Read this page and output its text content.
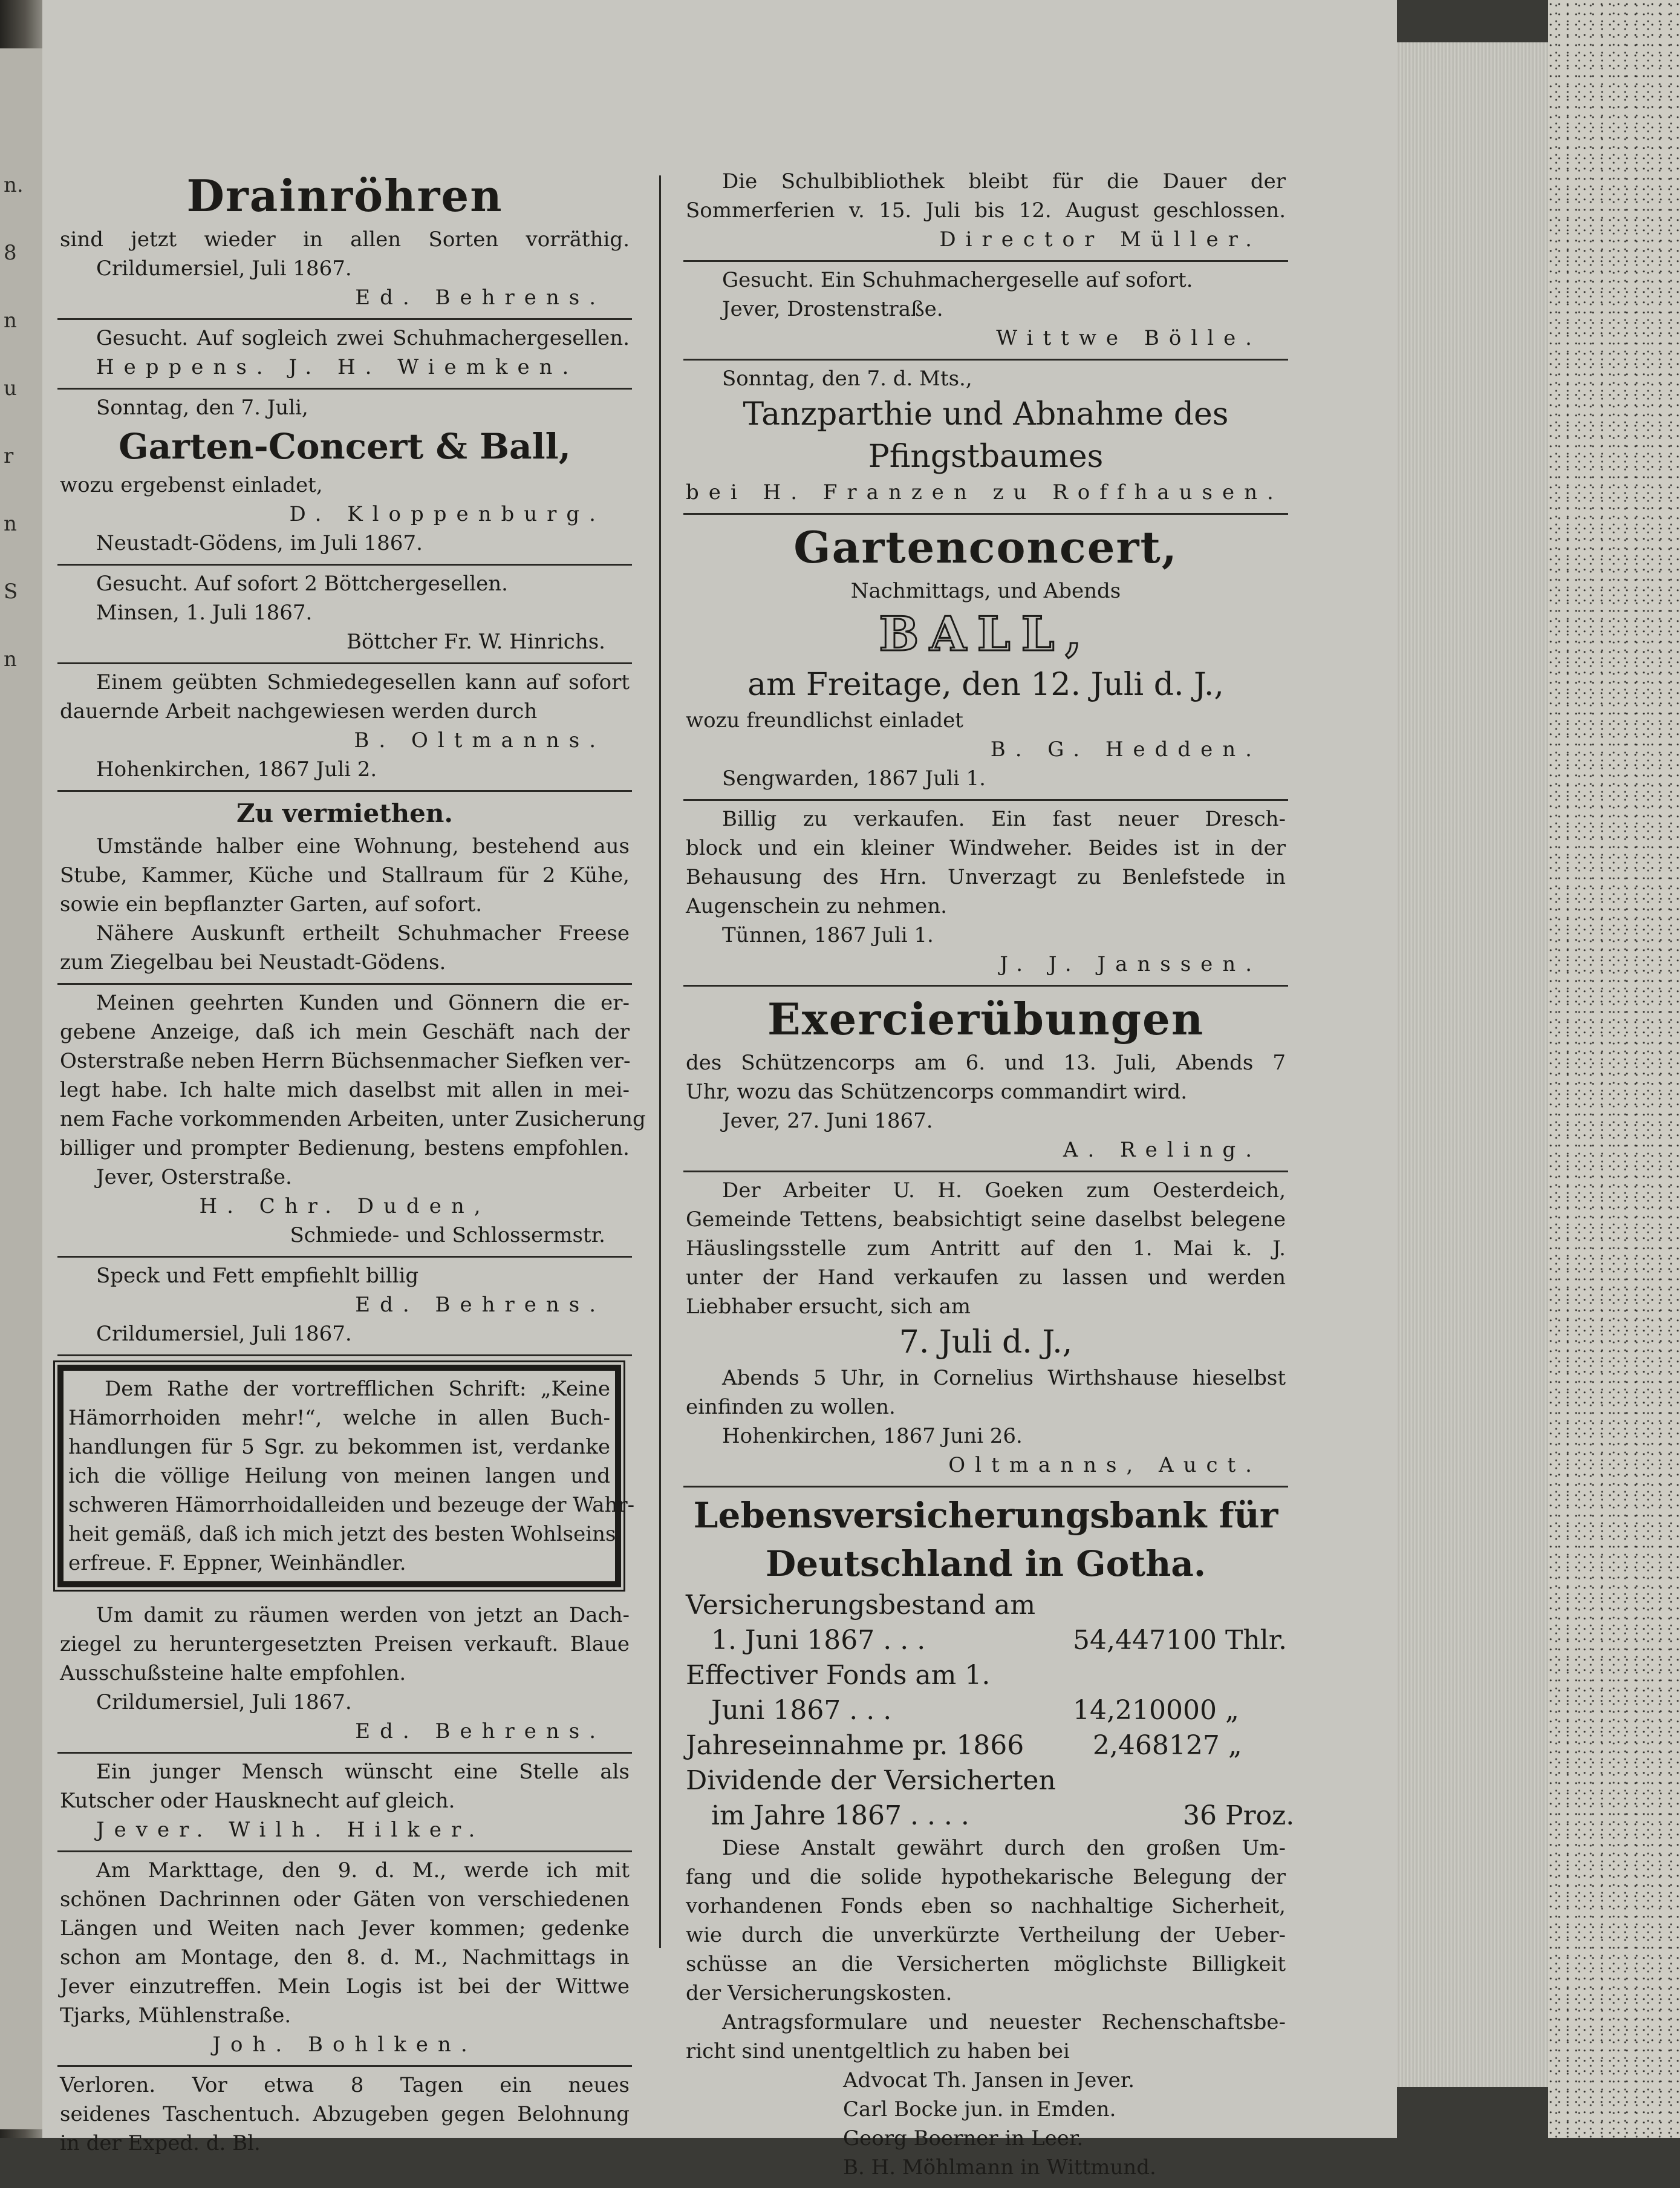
n.
8
n
u
r
n
S
n
Drainröhren
sind jetzt wieder in allen Sorten vorräthig.
Crildumersiel, Juli 1867.
Ed. Behrens.
Gesucht. Auf sogleich zwei Schuhmachergesellen.
Heppens. J. H. Wiemken.
Sonntag, den 7. Juli,
Garten-Concert & Ball,
wozu ergebenst einladet,
D. Kloppenburg.
Neustadt-Gödens, im Juli 1867.
Gesucht. Auf sofort 2 Böttchergesellen.
Minsen, 1. Juli 1867.
Böttcher Fr. W. Hinrichs.
Einem geübten Schmiedegesellen kann auf sofort
dauernde Arbeit nachgewiesen werden durch
B. Oltmanns.
Hohenkirchen, 1867 Juli 2.
Zu vermiethen.
Umstände halber eine Wohnung, bestehend aus
Stube, Kammer, Küche und Stallraum für 2 Kühe,
sowie ein bepflanzter Garten, auf sofort.
Nähere Auskunft ertheilt Schuhmacher Freese
zum Ziegelbau bei Neustadt-Gödens.
Meinen geehrten Kunden und Gönnern die er-
gebene Anzeige, daß ich mein Geschäft nach der
Osterstraße neben Herrn Büchsenmacher Siefken ver-
legt habe. Ich halte mich daselbst mit allen in mei-
nem Fache vorkommenden Arbeiten, unter Zusicherung
billiger und prompter Bedienung, bestens empfohlen.
Jever, Osterstraße.
H. Chr. Duden,
Schmiede- und Schlossermstr.
Speck und Fett empfiehlt billig
Ed. Behrens.
Crildumersiel, Juli 1867.
Dem Rathe der vortrefflichen Schrift: „Keine
Hämorrhoiden mehr!“, welche in allen Buch-
handlungen für 5 Sgr. zu bekommen ist, verdanke
ich die völlige Heilung von meinen langen und
schweren Hämorrhoidalleiden und bezeuge der Wahr-
heit gemäß, daß ich mich jetzt des besten Wohlseins
erfreue. F. Eppner, Weinhändler.
Um damit zu räumen werden von jetzt an Dach-
ziegel zu heruntergesetzten Preisen verkauft. Blaue
Ausschußsteine halte empfohlen.
Crildumersiel, Juli 1867.
Ed. Behrens.
Ein junger Mensch wünscht eine Stelle als
Kutscher oder Hausknecht auf gleich.
Jever. Wilh. Hilker.
Am Markttage, den 9. d. M., werde ich mit
schönen Dachrinnen oder Gäten von verschiedenen
Längen und Weiten nach Jever kommen; gedenke
schon am Montage, den 8. d. M., Nachmittags in
Jever einzutreffen. Mein Logis ist bei der Wittwe
Tjarks, Mühlenstraße.
Joh. Bohlken.
Verloren. Vor etwa 8 Tagen ein neues
seidenes Taschentuch. Abzugeben gegen Belohnung
in der Exped. d. Bl.
Die Schulbibliothek bleibt für die Dauer der
Sommerferien v. 15. Juli bis 12. August geschlossen.
Director Müller.
Gesucht. Ein Schuhmachergeselle auf sofort.
Jever, Drostenstraße.
Wittwe Bölle.
Sonntag, den 7. d. Mts.,
Tanzparthie und Abnahme des
Pfingstbaumes
bei H. Franzen zu Roffhausen.
Gartenconcert,
Nachmittags, und Abends
BALL,
am Freitage, den 12. Juli d. J.,
wozu freundlichst einladet
B. G. Hedden.
Sengwarden, 1867 Juli 1.
Billig zu verkaufen. Ein fast neuer Dresch-
block und ein kleiner Windweher. Beides ist in der
Behausung des Hrn. Unverzagt zu Benlefstede in
Augenschein zu nehmen.
Tünnen, 1867 Juli 1.
J. J. Janssen.
Exercierübungen
des Schützencorps am 6. und 13. Juli, Abends 7
Uhr, wozu das Schützencorps commandirt wird.
Jever, 27. Juni 1867.
A. Reling.
Der Arbeiter U. H. Goeken zum Oesterdeich,
Gemeinde Tettens, beabsichtigt seine daselbst belegene
Häuslingsstelle zum Antritt auf den 1. Mai k. J.
unter der Hand verkaufen zu lassen und werden
Liebhaber ersucht, sich am
7. Juli d. J.,
Abends 5 Uhr, in Cornelius Wirthshause hieselbst
einfinden zu wollen.
Hohenkirchen, 1867 Juni 26.
Oltmanns, Auct.
Lebensversicherungsbank für
Deutschland in Gotha.
Versicherungsbestand am
1. Juni 1867 . . .	54,447100 Thlr.
Effectiver Fonds am 1.
Juni 1867 . . .	14,210000 „
Jahreseinnahme pr. 1866	2,468127 „
Dividende der Versicherten
im Jahre 1867 . . . .	36 Proz.
Diese Anstalt gewährt durch den großen Um-
fang und die solide hypothekarische Belegung der
vorhandenen Fonds eben so nachhaltige Sicherheit,
wie durch die unverkürzte Vertheilung der Ueber-
schüsse an die Versicherten möglichste Billigkeit
der Versicherungskosten.
Antragsformulare und neuester Rechenschaftsbe-
richt sind unentgeltlich zu haben bei
Advocat Th. Jansen in Jever.
Carl Bocke jun. in Emden.
Georg Boerner in Leer.
B. H. Möhlmann in Wittmund.
